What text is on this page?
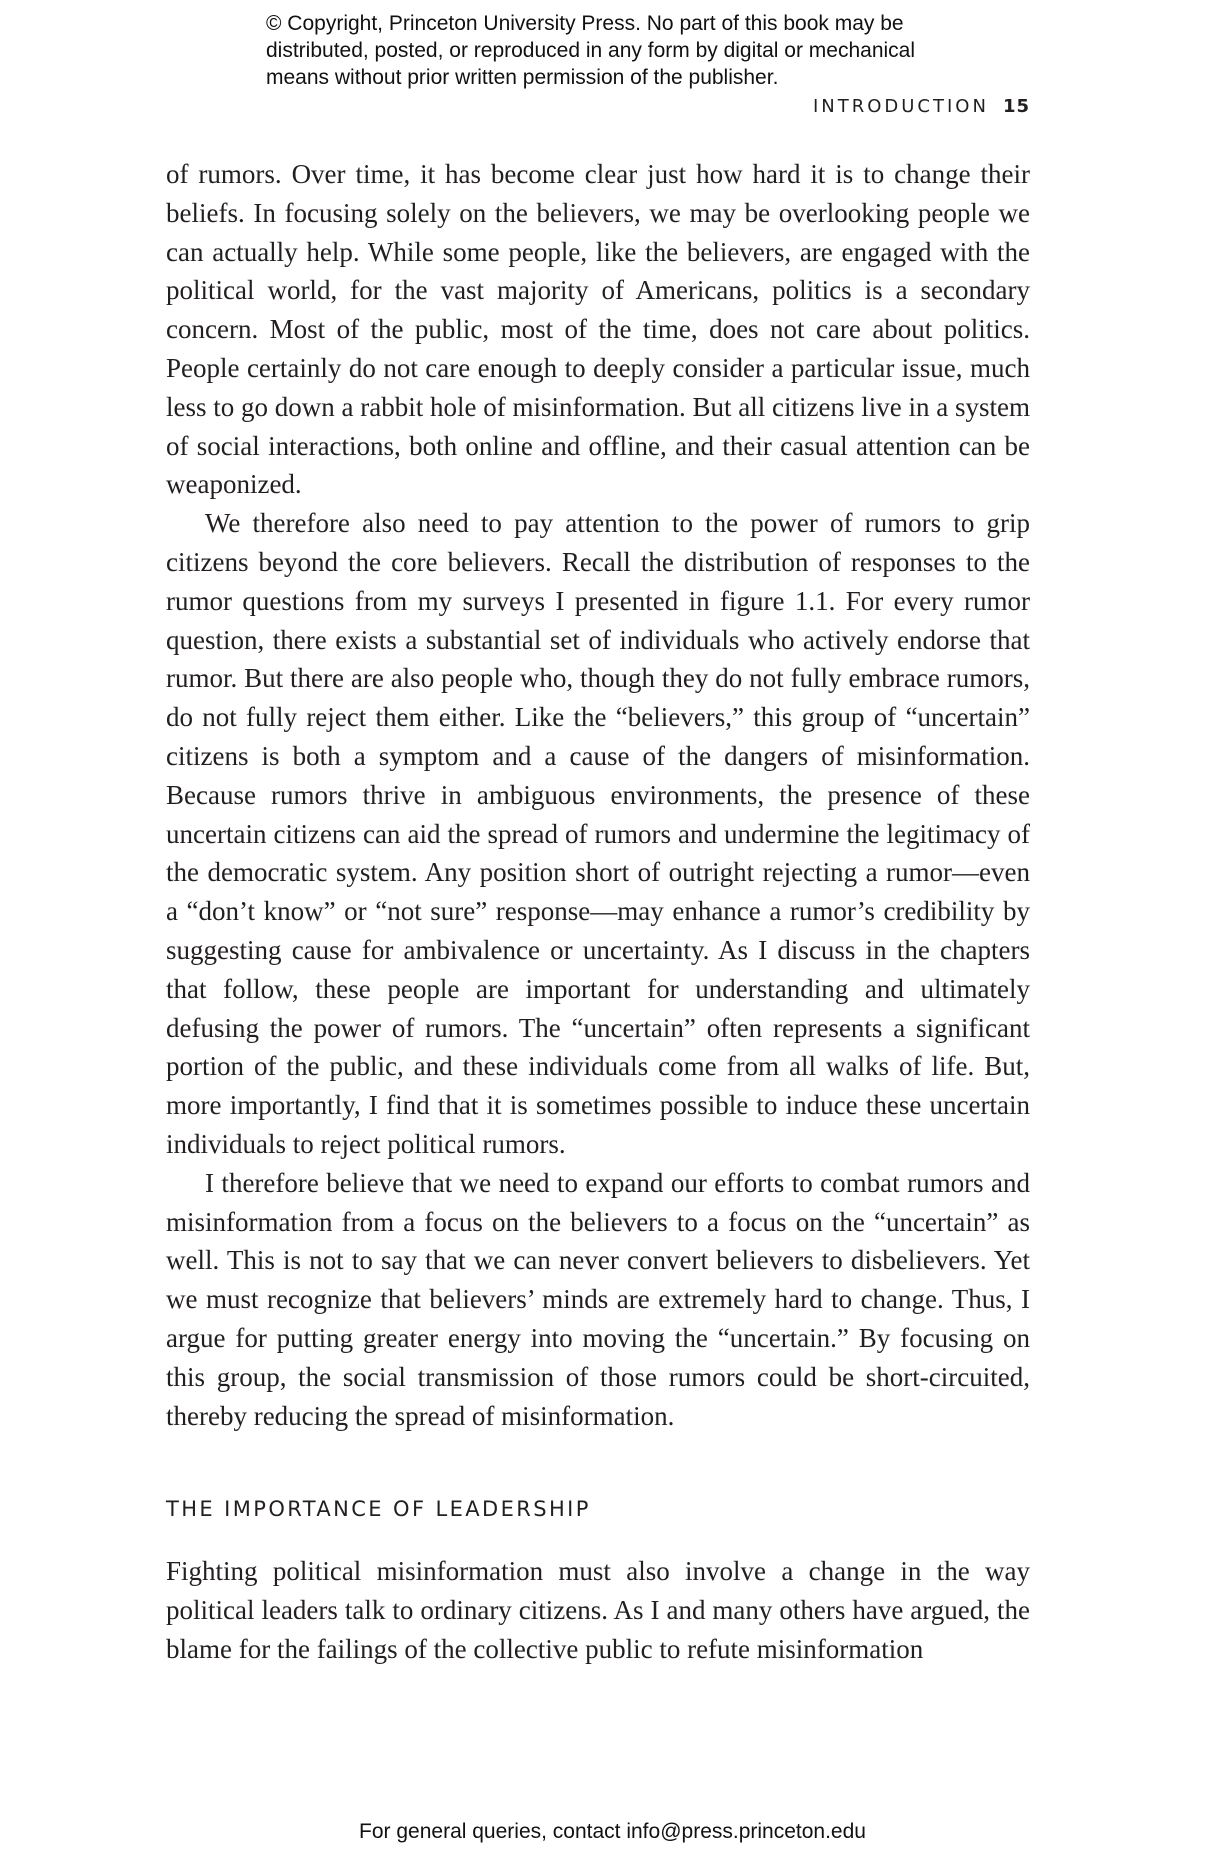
© Copyright, Princeton University Press. No part of this book may be
distributed, posted, or reproduced in any form by digital or mechanical
means without prior written permission of the publisher.
INTRODUCTION 15

of rumors. Over time, it has become clear just how hard it is to change their beliefs. In focusing solely on the believers, we may be overlooking people we can actually help. While some people, like the believers, are engaged with the political world, for the vast majority of Americans, politics is a secondary concern. Most of the public, most of the time, does not care about politics. People certainly do not care enough to deeply consider a particular issue, much less to go down a rabbit hole of misinformation. But all citizens live in a system of social interactions, both online and offline, and their casual attention can be weaponized.

We therefore also need to pay attention to the power of rumors to grip citizens beyond the core believers. Recall the distribution of responses to the rumor questions from my surveys I presented in figure 1.1. For every rumor question, there exists a substantial set of individuals who actively endorse that rumor. But there are also people who, though they do not fully embrace rumors, do not fully reject them either. Like the “believers,” this group of “uncertain” citizens is both a symptom and a cause of the dangers of misinformation. Because rumors thrive in ambiguous environments, the presence of these uncertain citizens can aid the spread of rumors and undermine the legitimacy of the democratic system. Any position short of outright rejecting a rumor—even a “don’t know” or “not sure” response—may enhance a rumor’s credibility by suggesting cause for ambivalence or uncertainty. As I discuss in the chapters that follow, these people are important for understanding and ultimately defusing the power of rumors. The “uncertain” often represents a significant portion of the public, and these individuals come from all walks of life. But, more importantly, I find that it is sometimes possible to induce these uncertain individuals to reject political rumors.

I therefore believe that we need to expand our efforts to combat rumors and misinformation from a focus on the believers to a focus on the “uncertain” as well. This is not to say that we can never convert believers to disbelievers. Yet we must recognize that believers’ minds are extremely hard to change. Thus, I argue for putting greater energy into moving the “uncertain.” By focusing on this group, the social transmission of those rumors could be short-circuited, thereby reducing the spread of misinformation.

THE IMPORTANCE OF LEADERSHIP

Fighting political misinformation must also involve a change in the way political leaders talk to ordinary citizens. As I and many others have argued, the blame for the failings of the collective public to refute misinformation

For general queries, contact info@press.princeton.edu
